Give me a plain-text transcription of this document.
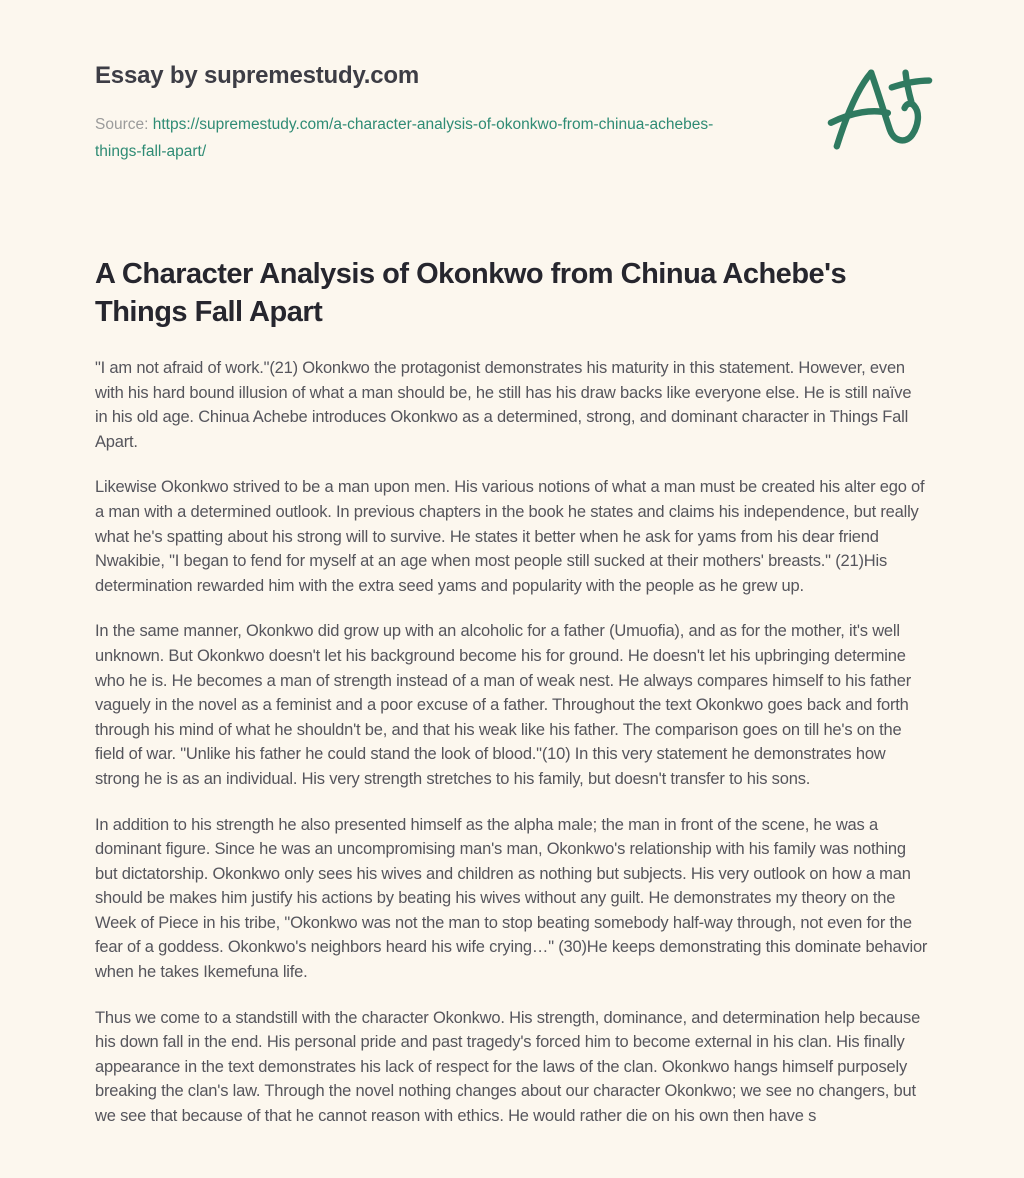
Essay by supremestudy.com
Source: https://supremestudy.com/a-character-analysis-of-okonkwo-from-chinua-achebes-things-fall-apart/
A Character Analysis of Okonkwo from Chinua Achebe's Things Fall Apart

"I am not afraid of work."(21) Okonkwo the protagonist demonstrates his maturity in this statement. However, even with his hard bound illusion of what a man should be, he still has his draw backs like everyone else. He is still naïve in his old age. Chinua Achebe introduces Okonkwo as a determined, strong, and dominant character in Things Fall Apart.

Likewise Okonkwo strived to be a man upon men. His various notions of what a man must be created his alter ego of a man with a determined outlook. In previous chapters in the book he states and claims his independence, but really what he's spatting about his strong will to survive. He states it better when he ask for yams from his dear friend Nwakibie, "I began to fend for myself at an age when most people still sucked at their mothers' breasts." (21)His determination rewarded him with the extra seed yams and popularity with the people as he grew up.

In the same manner, Okonkwo did grow up with an alcoholic for a father (Umuofia), and as for the mother, it's well unknown. But Okonkwo doesn't let his background become his for ground. He doesn't let his upbringing determine who he is. He becomes a man of strength instead of a man of weak nest. He always compares himself to his father vaguely in the novel as a feminist and a poor excuse of a father. Throughout the text Okonkwo goes back and forth through his mind of what he shouldn't be, and that his weak like his father. The comparison goes on till he's on the field of war. "Unlike his father he could stand the look of blood."(10) In this very statement he demonstrates how strong he is as an individual. His very strength stretches to his family, but doesn't transfer to his sons.

In addition to his strength he also presented himself as the alpha male; the man in front of the scene, he was a dominant figure. Since he was an uncompromising man's man, Okonkwo's relationship with his family was nothing but dictatorship. Okonkwo only sees his wives and children as nothing but subjects. His very outlook on how a man should be makes him justify his actions by beating his wives without any guilt. He demonstrates my theory on the Week of Piece in his tribe, "Okonkwo was not the man to stop beating somebody half-way through, not even for the fear of a goddess. Okonkwo's neighbors heard his wife crying…" (30)He keeps demonstrating this dominate behavior when he takes Ikemefuna life.

Thus we come to a standstill with the character Okonkwo. His strength, dominance, and determination help because his down fall in the end. His personal pride and past tragedy's forced him to become external in his clan. His finally appearance in the text demonstrates his lack of respect for the laws of the clan. Okonkwo hangs himself purposely breaking the clan's law. Through the novel nothing changes about our character Okonkwo; we see no changers, but we see that because of that he cannot reason with ethics. He would rather die on his own then have s
